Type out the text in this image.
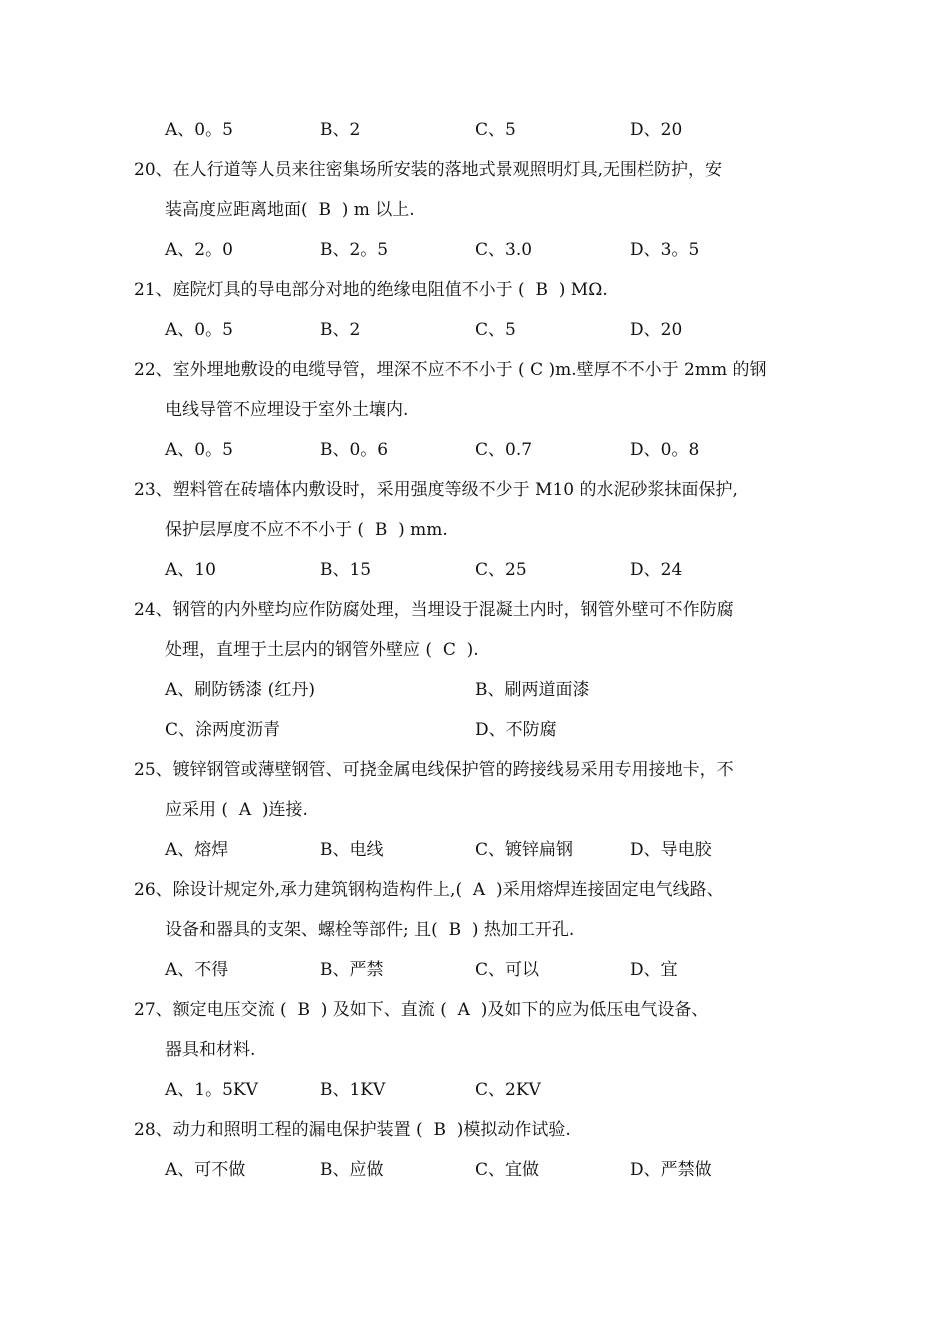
A、0。5	B、2	C、5	D、20
20、在人行道等人员来往密集场所安装的落地式景观照明灯具,无围栏防护，安
装高度应距离地面(  B  ) m 以上.
A、2。0	B、2。5	C、3.0	D、3。5
21、庭院灯具的导电部分对地的绝缘电阻值不小于 (  B  ) MΩ.
A、0。5	B、2	C、5	D、20
22、室外埋地敷设的电缆导管，埋深不应不不小于 ( C )m.壁厚不不小于 2mm 的钢
电线导管不应埋设于室外土壤内.
A、0。5	B、0。6	C、0.7	D、0。8
23、塑料管在砖墙体内敷设时，采用强度等级不少于 M10 的水泥砂浆抹面保护,
保护层厚度不应不不小于 (  B  ) mm.
A、10	B、15	C、25	D、24
24、钢管的内外壁均应作防腐处理，当埋设于混凝土内时，钢管外壁可不作防腐
处理，直埋于土层内的钢管外壁应 (  C  ).
A、刷防锈漆 (红丹)	B、刷两道面漆
C、涂两度沥青	D、不防腐
25、镀锌钢管或薄壁钢管、可挠金属电线保护管的跨接线易采用专用接地卡，不
应采用 (  A  )连接.
A、熔焊	B、电线	C、镀锌扁钢	D、导电胶
26、除设计规定外,承力建筑钢构造构件上,(  A  )采用熔焊连接固定电气线路、
设备和器具的支架、螺栓等部件; 且(  B  ) 热加工开孔.
A、不得	B、严禁	C、可以	D、宜
27、额定电压交流 (  B  ) 及如下、直流 (  A  )及如下的应为低压电气设备、
器具和材料.
A、1。5KV	B、1KV	C、2KV
28、动力和照明工程的漏电保护装置 (  B  )模拟动作试验.
A、可不做	B、应做	C、宜做	D、严禁做
